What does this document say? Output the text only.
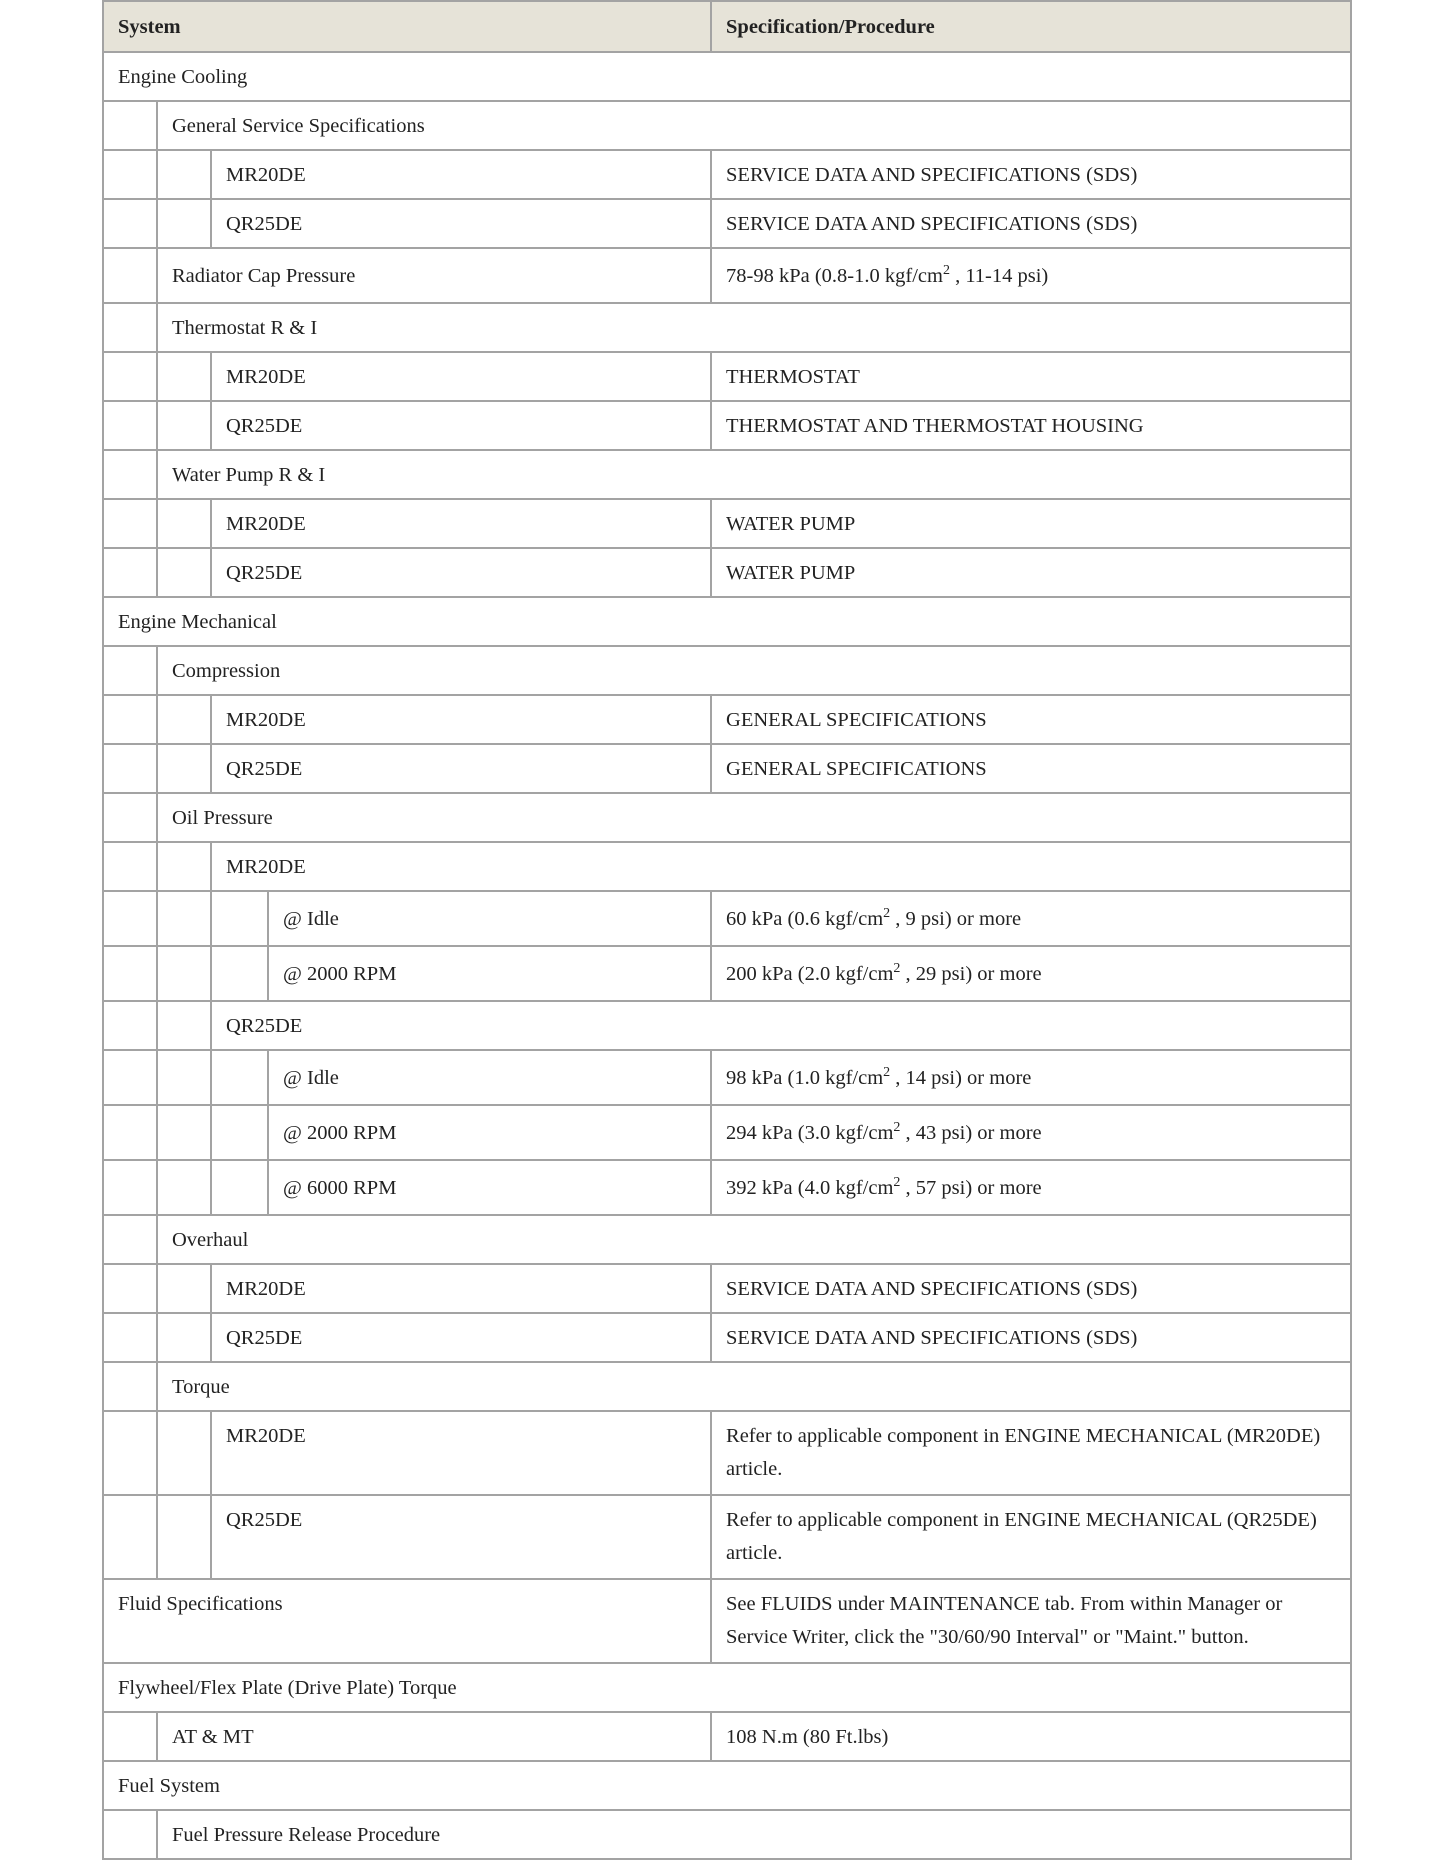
System				Specification/Procedure
Engine Cooling				
	General Service Specifications			
		MR20DE		SERVICE DATA AND SPECIFICATIONS (SDS)
		QR25DE		SERVICE DATA AND SPECIFICATIONS (SDS)
	Radiator Cap Pressure			78-98 kPa (0.8-1.0 kgf/$cm^2$ , 11-14 psi)
	Thermostat R & I			
		MR20DE		THERMOSTAT
		QR25DE		THERMOSTAT AND THERMOSTAT HOUSING
	Water Pump R & I			
		MR20DE		WATER PUMP
		QR25DE		WATER PUMP
Engine Mechanical				
	Compression			
		MR20DE		GENERAL SPECIFICATIONS
		QR25DE		GENERAL SPECIFICATIONS
	Oil Pressure			
		MR20DE		
			@ Idle	60 kPa (0.6 kgf/$cm^2$ , 9 psi) or more
			@ 2000 RPM	200 kPa (2.0 kgf/$cm^2$ , 29 psi) or more
		QR25DE		
			@ Idle	98 kPa (1.0 kgf/$cm^2$ , 14 psi) or more
			@ 2000 RPM	294 kPa (3.0 kgf/$cm^2$ , 43 psi) or more
			@ 6000 RPM	392 kPa (4.0 kgf/$cm^2$ , 57 psi) or more
	Overhaul			
		MR20DE		SERVICE DATA AND SPECIFICATIONS (SDS)
		QR25DE		SERVICE DATA AND SPECIFICATIONS (SDS)
	Torque			
		MR20DE		Refer to applicable component in ENGINE MECHANICAL (MR20DE) article.
		QR25DE		Refer to applicable component in ENGINE MECHANICAL (QR25DE) article.
Fluid Specifications				See FLUIDS under MAINTENANCE tab. From within Manager or Service Writer, click the "30/60/90 Interval" or "Maint." button.
Flywheel/Flex Plate (Drive Plate) Torque				
	AT & MT			108 N.m (80 Ft.lbs)
Fuel System				
	Fuel Pressure Release Procedure			
